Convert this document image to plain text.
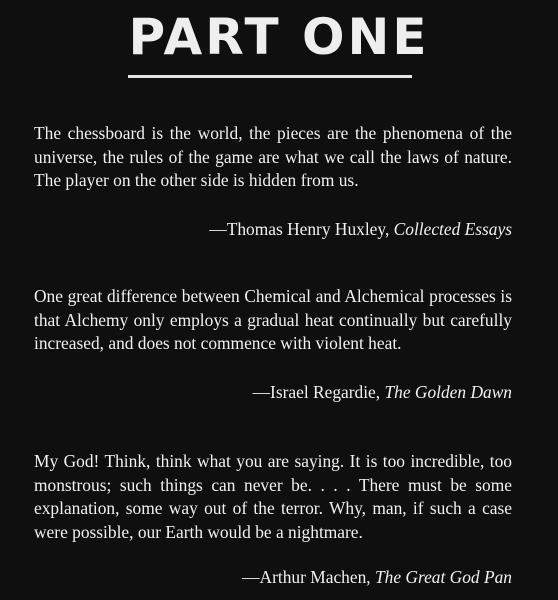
PART ONE

The chessboard is the world, the pieces are the phenomena of the universe, the rules of the game are what we call the laws of nature. The player on the other side is hidden from us.

—Thomas Henry Huxley, Collected Essays

One great difference between Chemical and Alchemical processes is that Alchemy only employs a gradual heat continually but carefully increased, and does not commence with violent heat.

—Israel Regardie, The Golden Dawn

My God! Think, think what you are saying. It is too incredible, too monstrous; such things can never be. . . . There must be some explanation, some way out of the terror. Why, man, if such a case were possible, our Earth would be a nightmare.

—Arthur Machen, The Great God Pan
